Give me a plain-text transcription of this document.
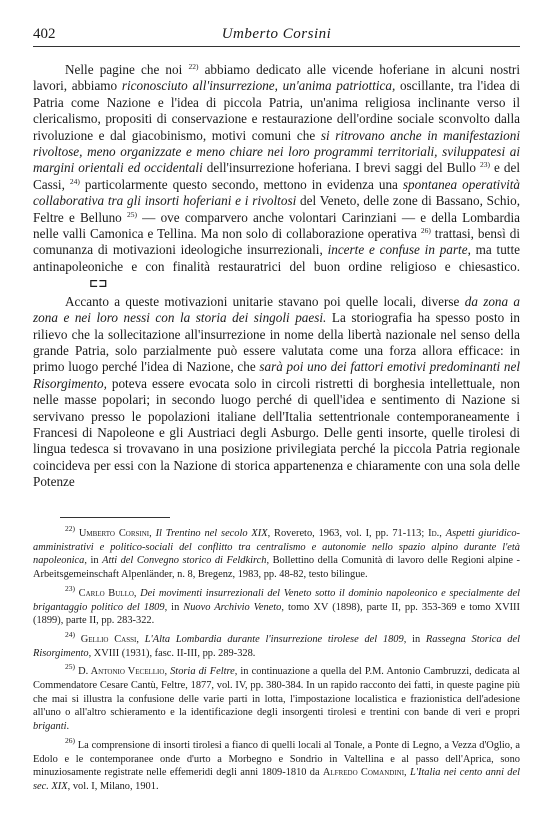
402	Umberto Corsini

Nelle pagine che noi $^{22)}$ abbiamo dedicato alle vicende hoferiane in alcuni nostri lavori, abbiamo riconosciuto all'insurrezione, un'anima patriottica, oscillante, tra l'idea di Patria come Nazione e l'idea di piccola Patria, un'anima religiosa inclinante verso il clericalismo, propositi di conservazione e restaurazione dell'ordine sociale sconvolto dalla rivoluzione e dal giacobinismo, motivi comuni che si ritrovano anche in manifestazioni rivoltose, meno organizzate e meno chiare nei loro programmi territoriali, sviluppatesi ai margini orientali ed occidentali dell'insurrezione hoferiana. I brevi saggi del Bullo $^{23)}$ e del Cassi, $^{24)}$ particolarmente questo secondo, mettono in evidenza una spontanea operatività collaborativa tra gli insorti hoferiani e i rivoltosi del Veneto, delle zone di Bassano, Schio, Feltre e Belluno $^{25)}$ — ove comparvero anche volontari Carinziani — e della Lombardia nelle valli Camonica e Tellina. Ma non solo di collaborazione operativa $^{26)}$ trattasi, bensì di comunanza di motivazioni ideologiche insurrezionali, incerte e confuse in parte, ma tutte antinapoleoniche e con finalità restauratrici del buon ordine religioso e chiesastico.⊏⊐

Accanto a queste motivazioni unitarie stavano poi quelle locali, diverse da zona a zona e nei loro nessi con la storia dei singoli paesi. La storiografia ha spesso posto in rilievo che la sollecitazione all'insurrezione in nome della libertà nazionale nel senso della grande Patria, solo parzialmente può essere valutata come una forza allora efficace: in primo luogo perché l'idea di Nazione, che sarà poi uno dei fattori emotivi predominanti nel Risorgimento, poteva essere evocata solo in circoli ristretti di borghesia intellettuale, non nelle masse popolari; in secondo luogo perché di quell'idea e sentimento di Nazione si servivano presso le popolazioni italiane dell'Italia settentrionale contemporaneamente i Francesi di Napoleone e gli Austriaci degli Asburgo. Delle genti insorte, quelle tirolesi di lingua tedesca si trovavano in una posizione privilegiata perché la piccola Patria regionale coincideva per essi con la Nazione di storica appartenenza e chiaramente con una sola delle Potenze

$^{22)}$ Umberto Corsini, Il Trentino nel secolo XIX, Rovereto, 1963, vol. I, pp. 71-113; Id., Aspetti giuridico-amministrativi e politico-sociali del conflitto tra centralismo e autonomie nello spazio alpino durante l'età napoleonica, in Atti del Convegno storico di Feldkirch, Bollettino della Comunità di lavoro delle Regioni alpine - Arbeitsgemeinschaft Alpenländer, n. 8, Bregenz, 1983, pp. 48-82, testo bilingue.
$^{23)}$ Carlo Bullo, Dei movimenti insurrezionali del Veneto sotto il dominio napoleonico e specialmente del brigantaggio politico del 1809, in Nuovo Archivio Veneto, tomo XV (1898), parte II, pp. 353-369 e tomo XVIII (1899), parte II, pp. 283-322.
$^{24)}$ Gellio Cassi, L'Alta Lombardia durante l'insurrezione tirolese del 1809, in Rassegna Storica del Risorgimento, XVIII (1931), fasc. II-III, pp. 289-328.
$^{25)}$ D. Antonio Vecellio, Storia di Feltre, in continuazione a quella del P.M. Antonio Cambruzzi, dedicata al Commendatore Cesare Cantù, Feltre, 1877, vol. IV, pp. 380-384. In un rapido racconto dei fatti, in queste pagine più che mai si illustra la confusione delle varie parti in lotta, l'impostazione localistica e frazionistica dell'adesione all'uno o all'altro schieramento e la identificazione degli insorgenti tirolesi e trentini con bande di veri e propri briganti.
$^{26)}$ La comprensione di insorti tirolesi a fianco di quelli locali al Tonale, a Ponte di Legno, a Vezza d'Oglio, a Edolo e le contemporanee onde d'urto a Morbegno e Sondrio in Valtellina e al passo dell'Aprica, sono minuziosamente registrate nelle effemeridi degli anni 1809-1810 da Alfredo Comandini, L'Italia nei cento anni del sec. XIX, vol. I, Milano, 1901.
